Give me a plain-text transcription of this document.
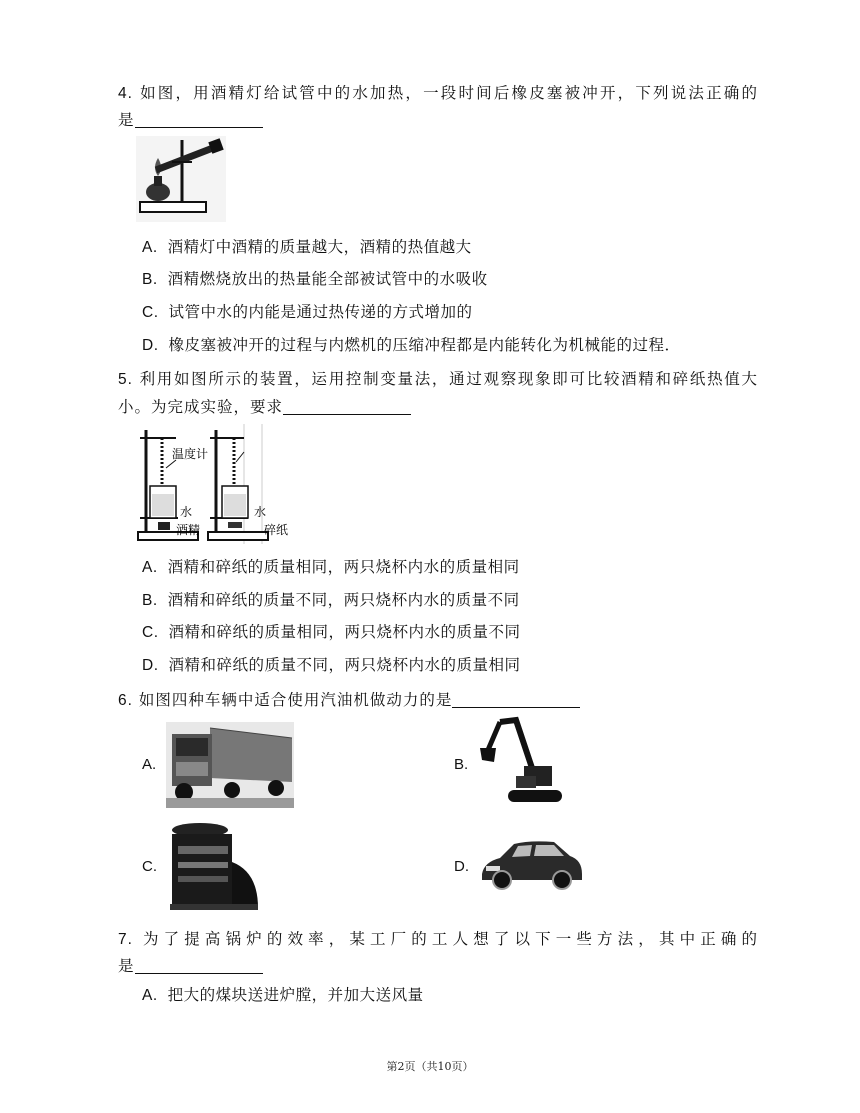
4. 如图，用酒精灯给试管中的水加热，一段时间后橡皮塞被冲开，下列说法正确的
是
A. 酒精灯中酒精的质量越大，酒精的热值越大
B. 酒精燃烧放出的热量能全部被试管中的水吸收
C. 试管中水的内能是通过热传递的方式增加的
D. 橡皮塞被冲开的过程与内燃机的压缩冲程都是内能转化为机械能的过程．
5. 利用如图所示的装置，运用控制变量法，通过观察现象即可比较酒精和碎纸热值大
小。为完成实验，要求
温度计
水
酒精
水
碎纸
A. 酒精和碎纸的质量相同，两只烧杯内水的质量相同
B. 酒精和碎纸的质量不同，两只烧杯内水的质量不同
C. 酒精和碎纸的质量相同，两只烧杯内水的质量不同
D. 酒精和碎纸的质量不同，两只烧杯内水的质量相同
6. 如图四种车辆中适合使用汽油机做动力的是
A.	B.
C.	D.
7. 为了提高锅炉的效率，某工厂的工人想了以下一些方法，其中正确的
是
A. 把大的煤块送进炉膛，并加大送风量
第2页（共10页）
